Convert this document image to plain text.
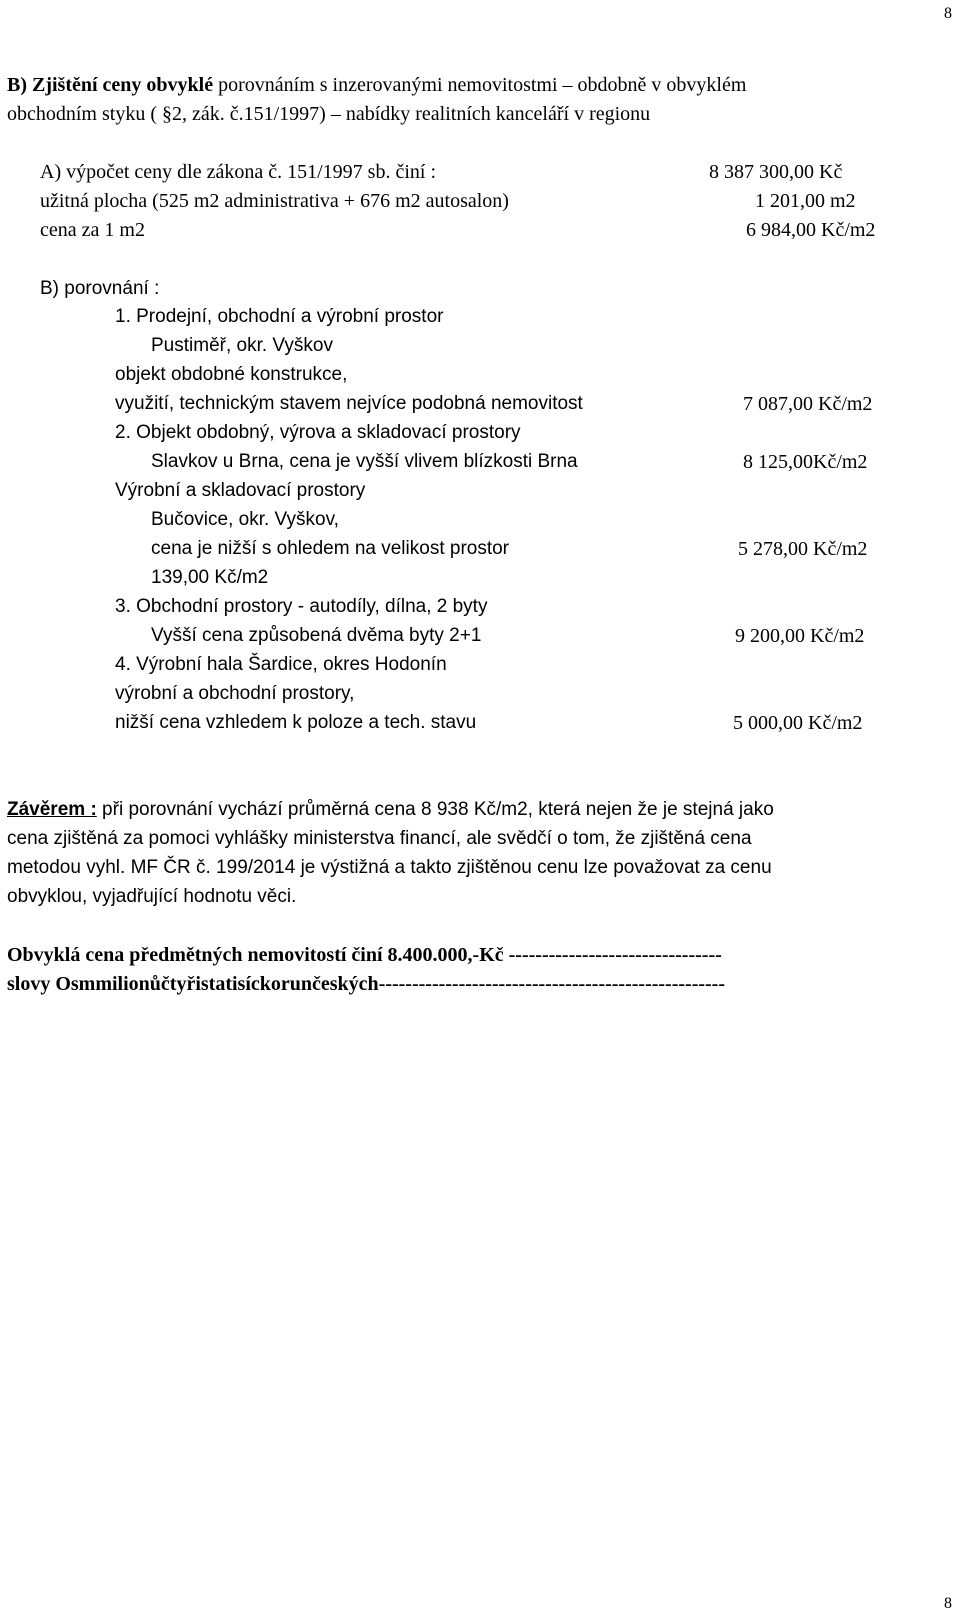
8
8
B) Zjištění ceny obvyklé porovnáním s inzerovanými nemovitostmi – obdobně v obvyklém
obchodním styku ( §2, zák. č.151/1997) – nabídky realitních kanceláří v regionu
A) výpočet ceny dle zákona č. 151/1997 sb. činí :	8 387 300,00 Kč
užitná plocha (525 m2 administrativa + 676 m2 autosalon)	1 201,00 m2
cena za 1 m2	6 984,00 Kč/m2
B) porovnání :
1. Prodejní, obchodní a výrobní prostor
Pustiměř, okr. Vyškov
objekt obdobné konstrukce,
využití, technickým stavem nejvíce podobná nemovitost	7 087,00 Kč/m2
2. Objekt obdobný, výrova a skladovací prostory
Slavkov u Brna, cena je vyšší vlivem blízkosti Brna	8 125,00Kč/m2
Výrobní a skladovací prostory
Bučovice, okr. Vyškov,
cena je nižší s ohledem na velikost prostor	5 278,00 Kč/m2
139,00 Kč/m2
3. Obchodní prostory - autodíly, dílna, 2 byty
Vyšší cena způsobená dvěma byty 2+1	9 200,00 Kč/m2
4. Výrobní hala Šardice, okres Hodonín
výrobní a obchodní prostory,
nižší cena vzhledem k poloze a tech. stavu	5 000,00 Kč/m2
Závěrem : při porovnání vychází průměrná cena 8 938 Kč/m2, která nejen že je stejná jako
cena zjištěná za pomoci vyhlášky ministerstva financí, ale svědčí o tom, že zjištěná cena
metodou vyhl. MF ČR č. 199/2014 je výstižná a takto zjištěnou cenu lze považovat za cenu
obvyklou, vyjadřující hodnotu věci.
Obvyklá cena předmětných nemovitostí činí 8.400.000,-Kč --------------------------------
slovy Osmmilionůčtyřistatisíckorunčeských----------------------------------------------------
